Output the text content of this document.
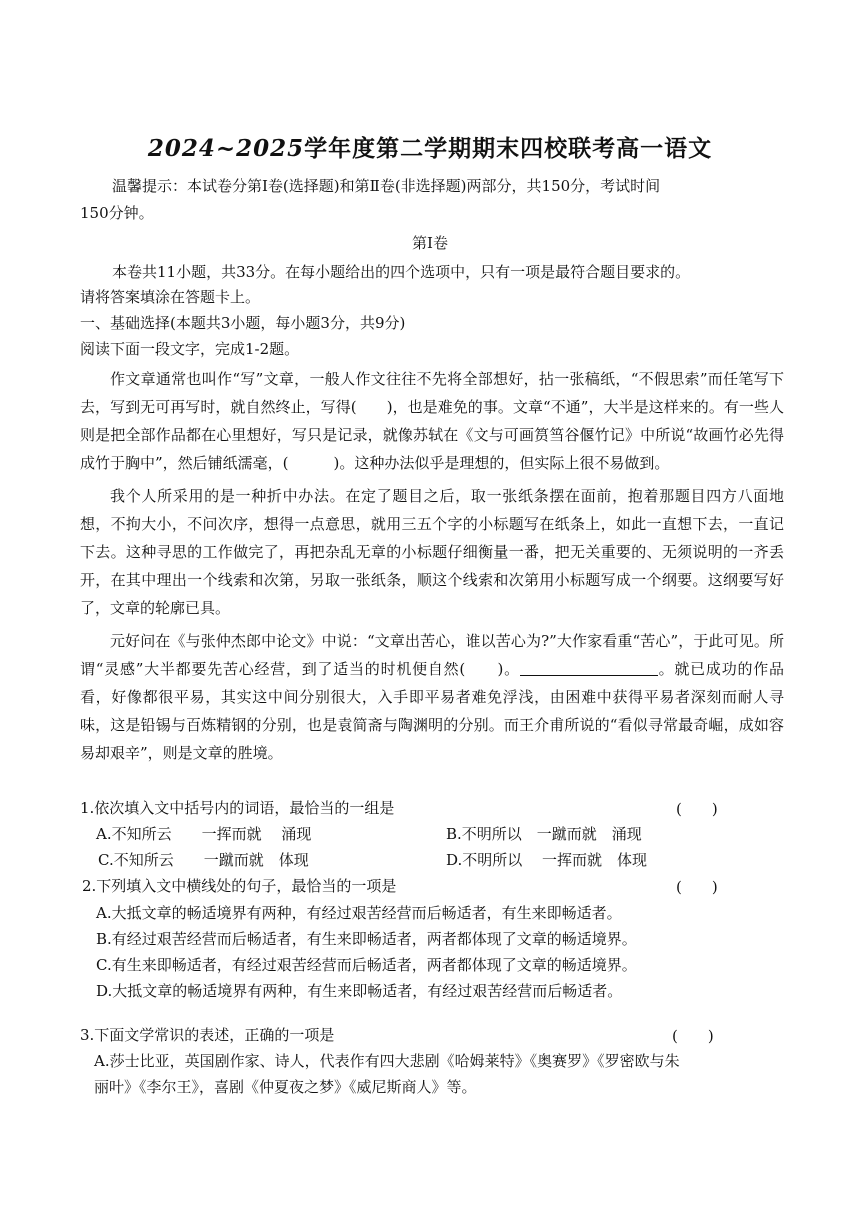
2024~2025学年度第二学期期末四校联考高一语文
温馨提示：本试卷分第Ⅰ卷(选择题)和第Ⅱ卷(非选择题)两部分，共150分，考试时间
150分钟。
第Ⅰ卷
本卷共11小题，共33分。在每小题给出的四个选项中，只有一项是最符合题目要求的。
请将答案填涂在答题卡上。
一、基础选择(本题共3小题，每小题3分，共9分)
阅读下面一段文字，完成1-2题。

作文章通常也叫作“写”文章，一般人作文往往不先将全部想好，拈一张稿纸，“不假思索”而任笔写下去，写到无可再写时，就自然终止，写得(　　)，也是难免的事。文章“不通”，大半是这样来的。有一些人则是把全部作品都在心里想好，写只是记录，就像苏轼在《文与可画筼筜谷偃竹记》中所说“故画竹必先得成竹于胸中”，然后铺纸濡毫，(　　　)。这种办法似乎是理想的，但实际上很不易做到。

我个人所采用的是一种折中办法。在定了题目之后，取一张纸条摆在面前，抱着那题目四方八面地想，不拘大小，不问次序，想得一点意思，就用三五个字的小标题写在纸条上，如此一直想下去，一直记下去。这种寻思的工作做完了，再把杂乱无章的小标题仔细衡量一番，把无关重要的、无须说明的一齐丢开，在其中理出一个线索和次第，另取一张纸条，顺这个线索和次第用小标题写成一个纲要。这纲要写好了，文章的轮廓已具。

元好问在《与张仲杰郎中论文》中说：“文章出苦心，谁以苦心为?”大作家看重“苦心”，于此可见。所谓“灵感”大半都要先苦心经营，到了适当的时机便自然(　　)。	。就已成功的作品看，好像都很平易，其实这中间分别很大，入手即平易者难免浮浅，由困难中获得平易者深刻而耐人寻味，这是铅锡与百炼精钢的分别，也是袁简斋与陶渊明的分别。而王介甫所说的“看似寻常最奇崛，成如容易却艰辛”，则是文章的胜境。

1.依次填入文中括号内的词语，最恰当的一组是	(　　)
A.不知所云　　一挥而就　 涌现	B.不明所以　一蹴而就　涌现
C.不知所云　　一蹴而就　体现	D.不明所以　 一挥而就　体现
2.下列填入文中横线处的句子，最恰当的一项是	(　　)
A.大抵文章的畅适境界有两种，有经过艰苦经营而后畅适者，有生来即畅适者。
B.有经过艰苦经营而后畅适者，有生来即畅适者，两者都体现了文章的畅适境界。
C.有生来即畅适者，有经过艰苦经营而后畅适者，两者都体现了文章的畅适境界。
D.大抵文章的畅适境界有两种，有生来即畅适者，有经过艰苦经营而后畅适者。
3.下面文学常识的表述，正确的一项是	(　　)
A.莎士比亚，英国剧作家、诗人，代表作有四大悲剧《哈姆莱特》《奥赛罗》《罗密欧与朱
丽叶》《李尔王》，喜剧《仲夏夜之梦》《威尼斯商人》等。
